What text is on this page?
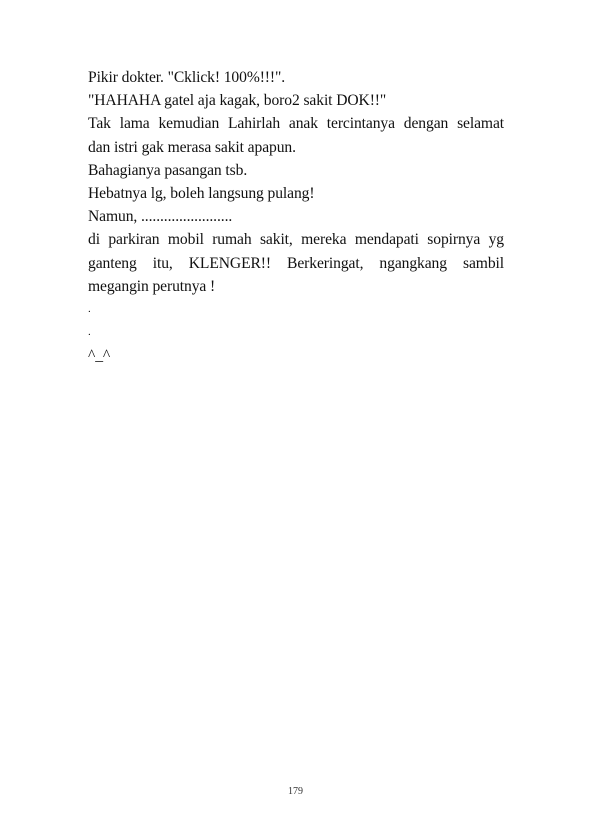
Pikir dokter. "Cklick! 100%!!!".
"HAHAHA gatel aja kagak, boro2 sakit DOK!!"
Tak lama kemudian Lahirlah anak tercintanya dengan selamat
dan istri gak merasa sakit apapun.
Bahagianya pasangan tsb.
Hebatnya lg, boleh langsung pulang!
Namun, ........................
di parkiran mobil rumah sakit, mereka mendapati sopirnya yg
ganteng itu, KLENGER!! Berkeringat, ngangkang sambil
megangin perutnya !
.
.
^_^
179
